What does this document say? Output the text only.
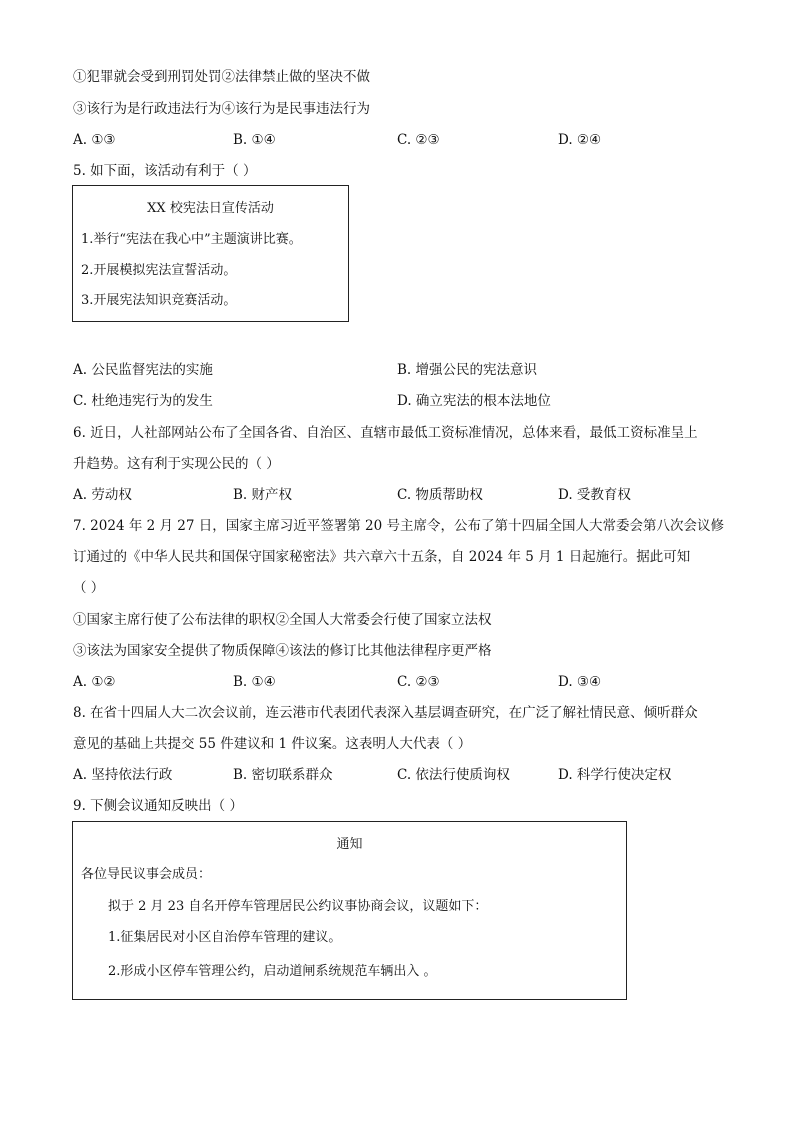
①犯罪就会受到刑罚处罚②法律禁止做的坚决不做
③该行为是行政违法行为④该行为是民事违法行为
A. ①③	B. ①④	C. ②③	D. ②④
5. 如下面，该活动有利于（ ）
XX 校宪法日宣传活动
1.举行“宪法在我心中”主题演讲比赛。
2.开展模拟宪法宣誓活动。
3.开展宪法知识竞赛活动。
A. 公民监督宪法的实施	B. 增强公民的宪法意识
C. 杜绝违宪行为的发生	D. 确立宪法的根本法地位
6. 近日，人社部网站公布了全国各省、自治区、直辖市最低工资标准情况，总体来看，最低工资标准呈上
升趋势。这有利于实现公民的（ ）
A. 劳动权	B. 财产权	C. 物质帮助权	D. 受教育权
7. 2024 年 2 月 27 日，国家主席习近平签署第 20 号主席令，公布了第十四届全国人大常委会第八次会议修
订通过的《中华人民共和国保守国家秘密法》共六章六十五条，自 2024 年 5 月 1 日起施行。据此可知
（ ）
①国家主席行使了公布法律的职权②全国人大常委会行使了国家立法权
③该法为国家安全提供了物质保障④该法的修订比其他法律程序更严格
A. ①②	B. ①④	C. ②③	D. ③④
8. 在省十四届人大二次会议前，连云港市代表团代表深入基层调查研究，在广泛了解社情民意、倾听群众
意见的基础上共提交 55 件建议和 1 件议案。这表明人大代表（ ）
A. 坚持依法行政	B. 密切联系群众	C. 依法行使质询权	D. 科学行使决定权
9. 下侧会议通知反映出（ ）
通知
各位导民议事会成员：
拟于 2 月 23 自名开停车管理居民公约议事协商会议，议题如下：
1.征集居民对小区自治停车管理的建议。
2.形成小区停车管理公约，启动道闸系统规范车辆出入 。
